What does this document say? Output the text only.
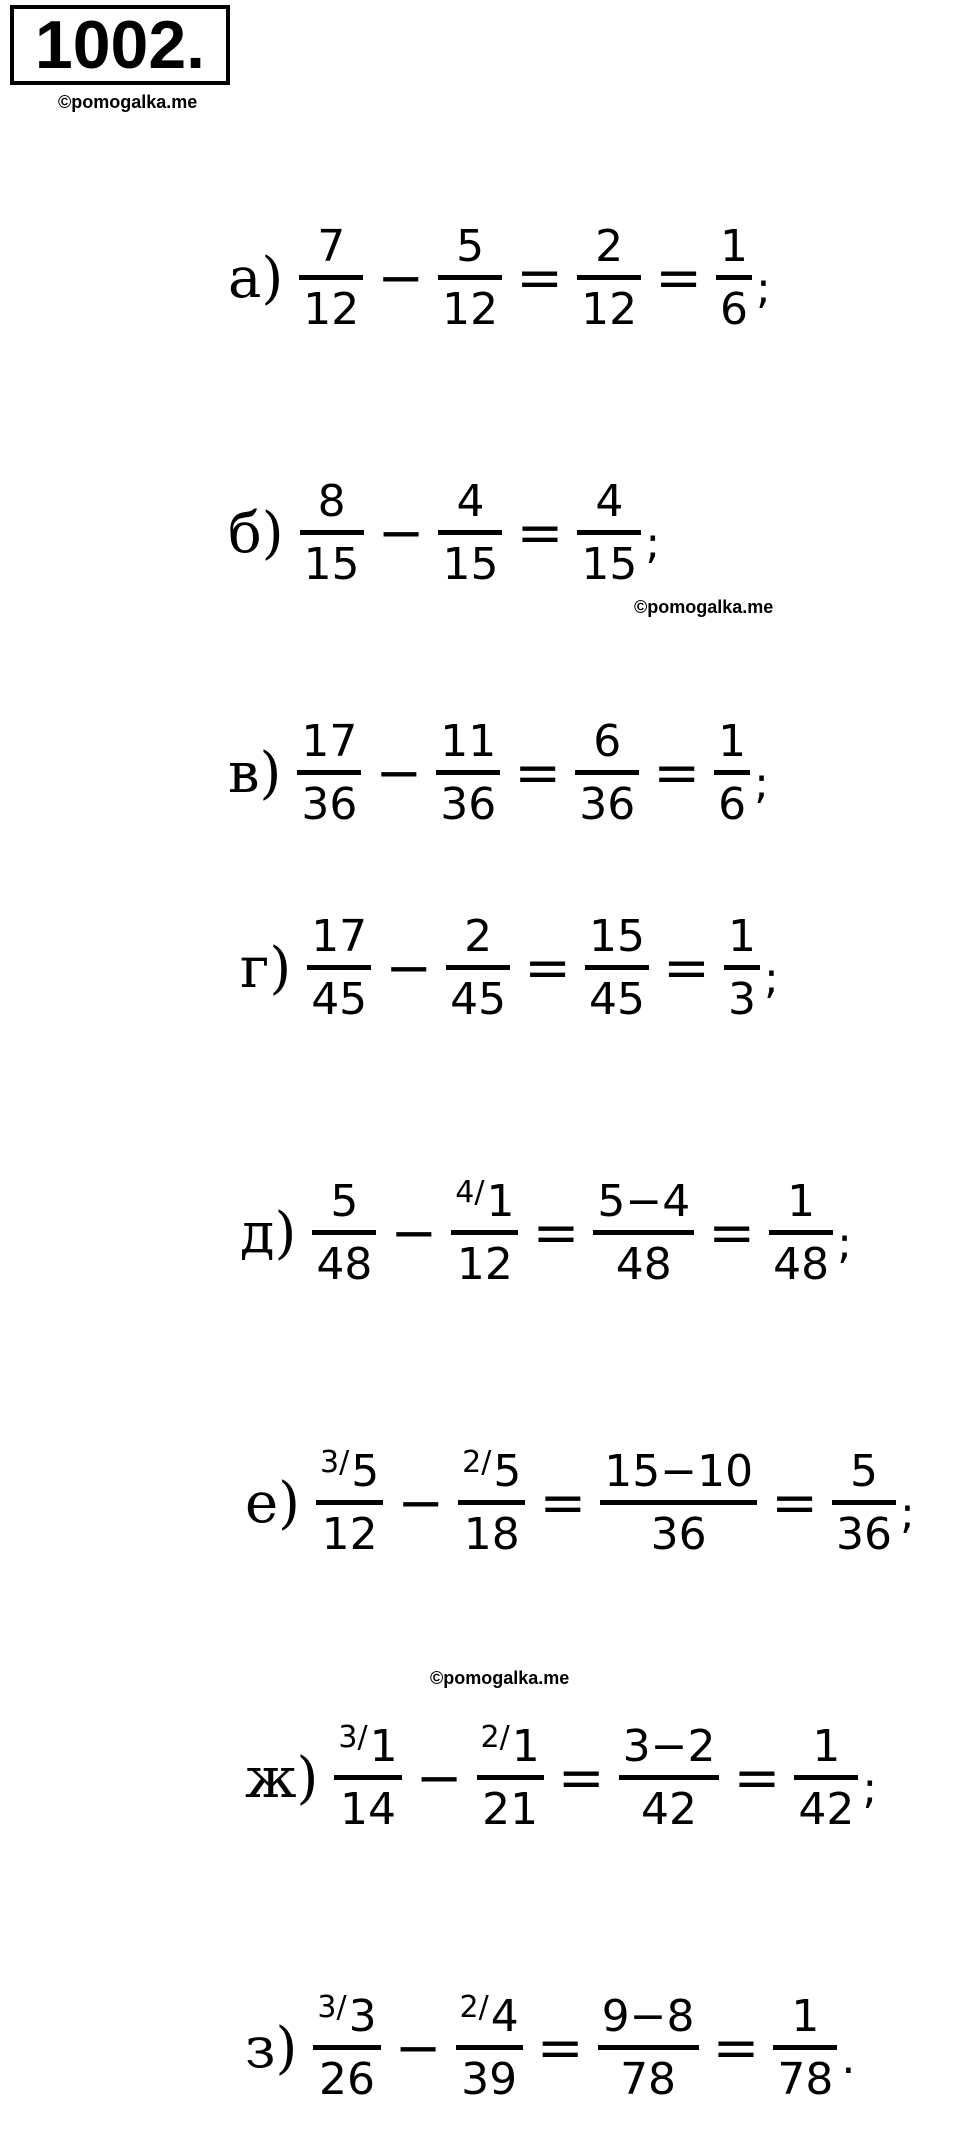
1002.
©pomogalka.me
©pomogalka.me
©pomogalka.me
а) 7
12 − 5
12 = 2
12 = 1
6 ;
б) 8
15 − 4
15 = 4
15 ;
в) 17
36 − 11
36 = 6
36 = 1
6 ;
г) 17
45 − 2
45 = 15
45 = 1
3 ;
д) 5
48 −
$^{4/}$1
12 = 5−4
48 = 1
48 ;
е)
$^{3/}$5
12 −
$^{2/}$5
18 = 15−10
36 = 5
36 ;
ж)
$^{3/}$1
14 −
$^{2/}$1
21 = 3−2
42 = 1
42 ;
з)
$^{3/}$3
26 −
$^{2/}$4
39 = 9−8
78 = 1
78 .
